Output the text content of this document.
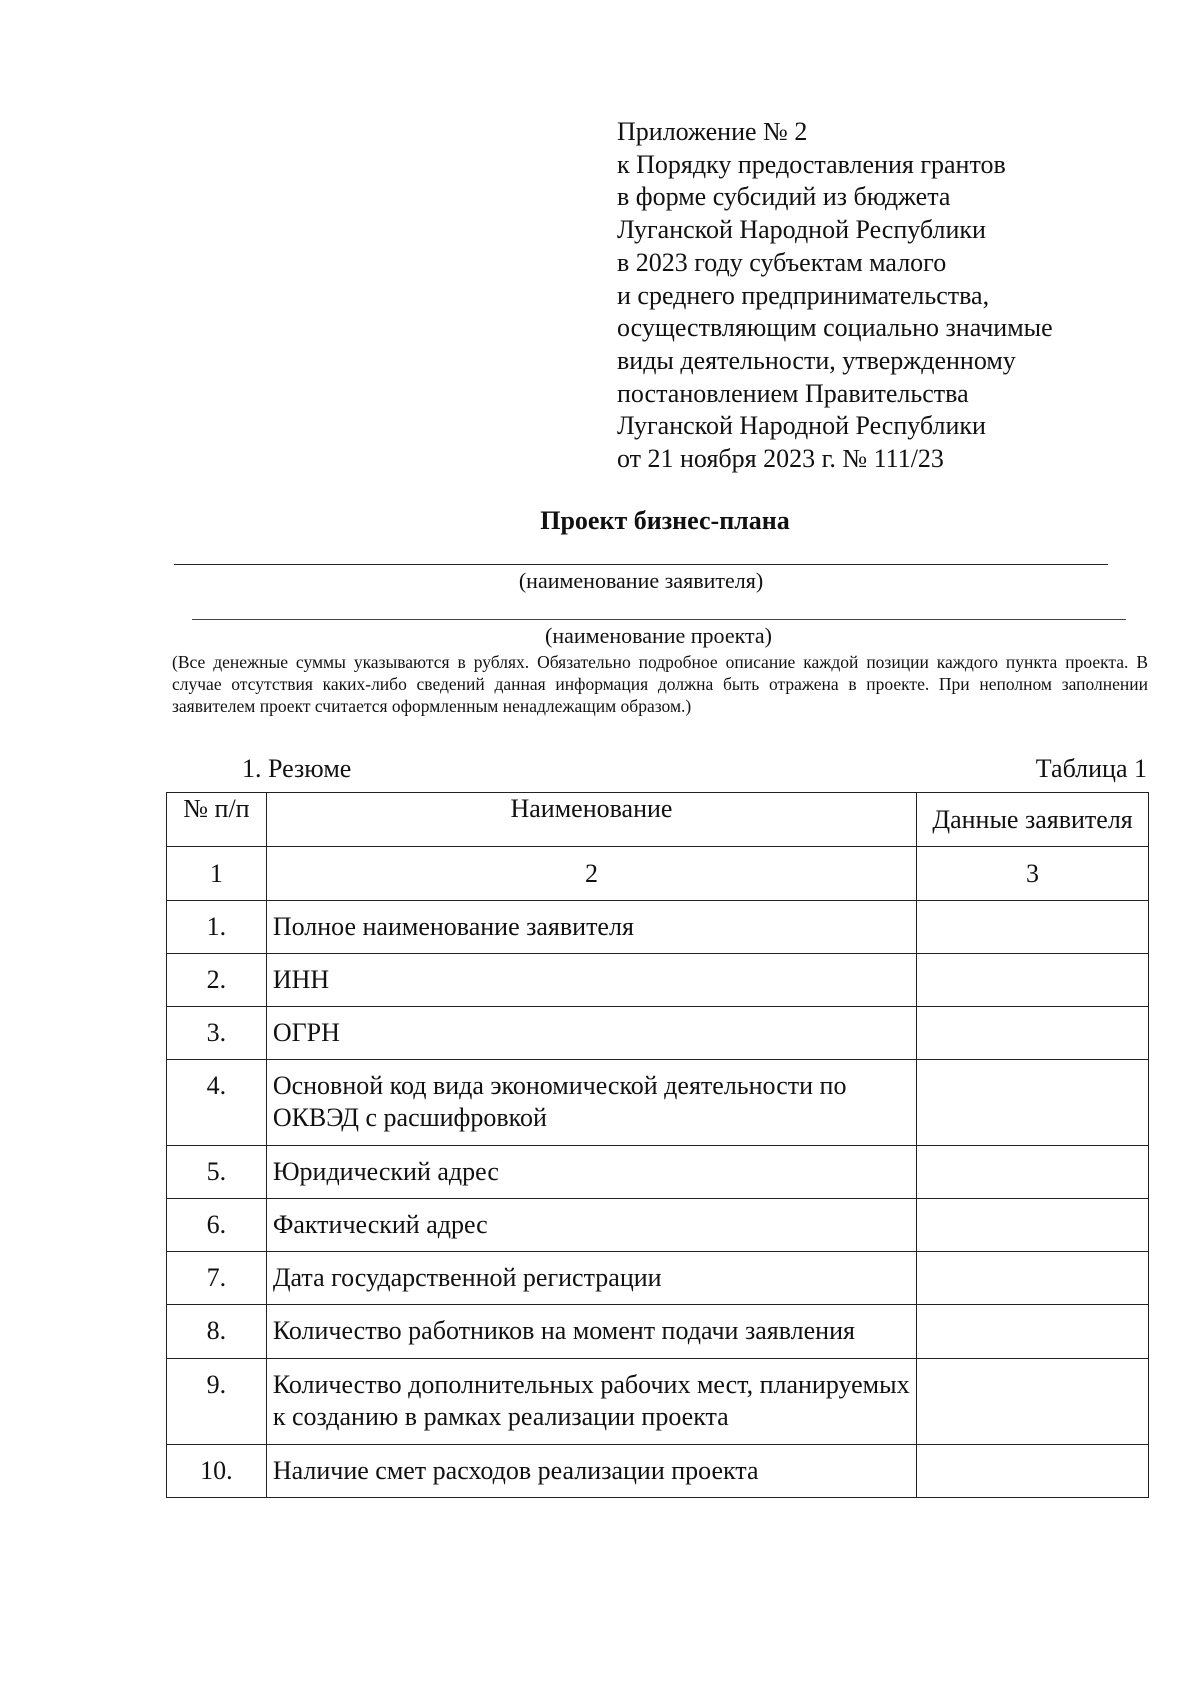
Приложение № 2
к Порядку предоставления грантов
в форме субсидий из бюджета
Луганской Народной Республики
в 2023 году субъектам малого
и среднего предпринимательства,
осуществляющим социально значимые
виды деятельности, утвержденному
постановлением Правительства
Луганской Народной Республики
от 21 ноября 2023 г. № 111/23
Проект бизнес-плана
(наименование заявителя)
(наименование проекта)
(Все денежные суммы указываются в рублях. Обязательно подробное описание каждой позиции каждого пункта проекта. В случае отсутствия каких-либо сведений данная информация должна быть отражена в проекте. При неполном заполнении заявителем проект считается оформленным ненадлежащим образом.)
1. Резюме	Таблица 1
№ п/п	Наименование	Данные заявителя
1	2	3
1.	Полное наименование заявителя	
2.	ИНН	
3.	ОГРН	
4.	Основной код вида экономической деятельности по ОКВЭД с расшифровкой	
5.	Юридический адрес	
6.	Фактический адрес	
7.	Дата государственной регистрации	
8.	Количество работников на момент подачи заявления	
9.	Количество дополнительных рабочих мест, планируемых к созданию в рамках реализации проекта	
10.	Наличие смет расходов реализации проекта	
